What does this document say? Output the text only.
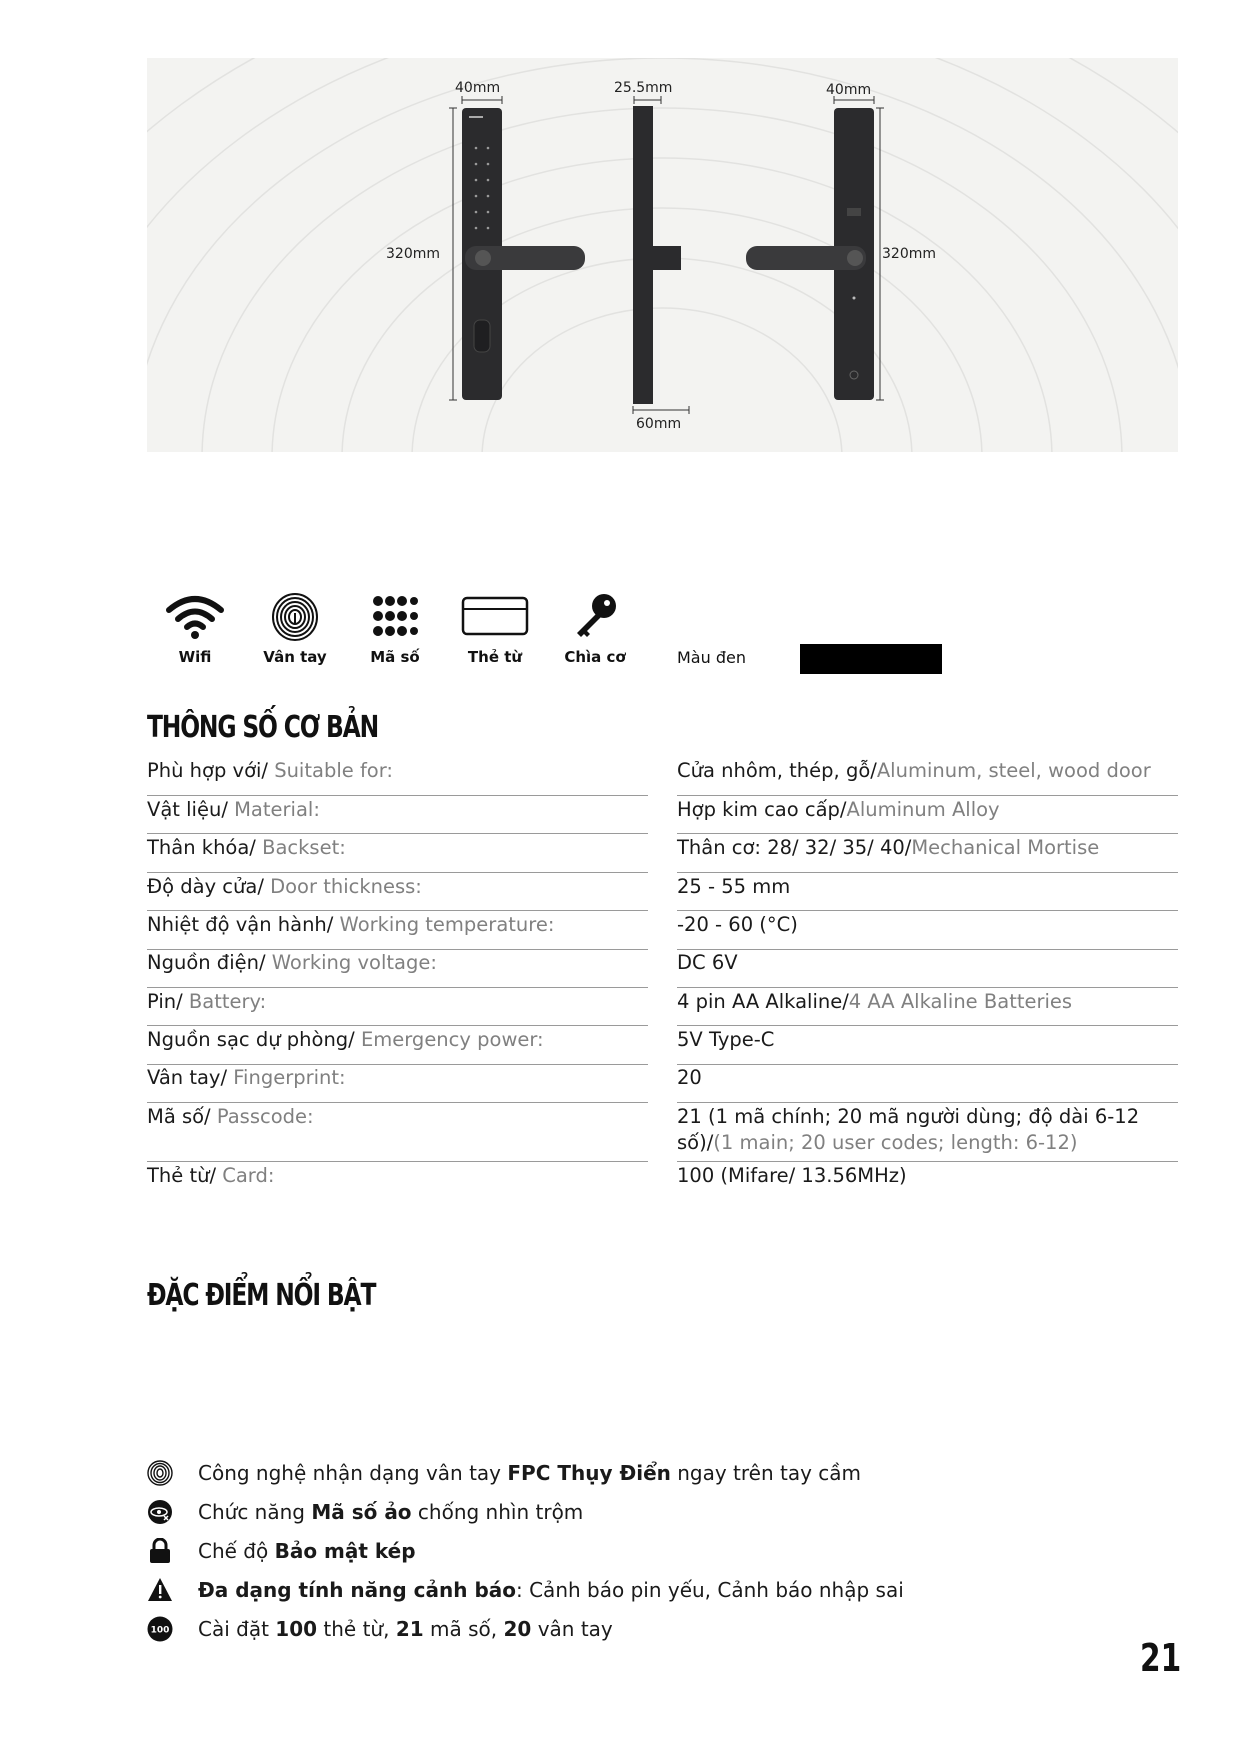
40mm	25.5mm	40mm
320mm	320mm
60mm
Wifi	Vân tay	Mã số	Thẻ từ	Chìa cơ	Màu đen
THÔNG SỐ CƠ BẢN
Phù hợp với/ Suitable for:	Cửa nhôm, thép, gỗ/Aluminum, steel, wood door
Vật liệu/ Material:	Hợp kim cao cấp/Aluminum Alloy
Thân khóa/ Backset:	Thân cơ: 28/ 32/ 35/ 40/Mechanical Mortise
Độ dày cửa/ Door thickness:	25 - 55 mm
Nhiệt độ vận hành/ Working temperature:	-20 - 60 (°C)
Nguồn điện/ Working voltage:	DC 6V
Pin/ Battery:	4 pin AA Alkaline/4 AA Alkaline Batteries
Nguồn sạc dự phòng/ Emergency power:	5V Type-C
Vân tay/ Fingerprint:	20
Mã số/ Passcode:	21 (1 mã chính; 20 mã người dùng; độ dài 6-12
số)/(1 main; 20 user codes; length: 6-12)
Thẻ từ/ Card:	100 (Mifare/ 13.56MHz)
ĐẶC ĐIỂM NỔI BẬT
Công nghệ nhận dạng vân tay FPC Thụy Điển ngay trên tay cầm
Chức năng Mã số ảo chống nhìn trộm
Chế độ Bảo mật kép
Đa dạng tính năng cảnh báo: Cảnh báo pin yếu, Cảnh báo nhập sai
100 Cài đặt 100 thẻ từ, 21 mã số, 20 vân tay
21
